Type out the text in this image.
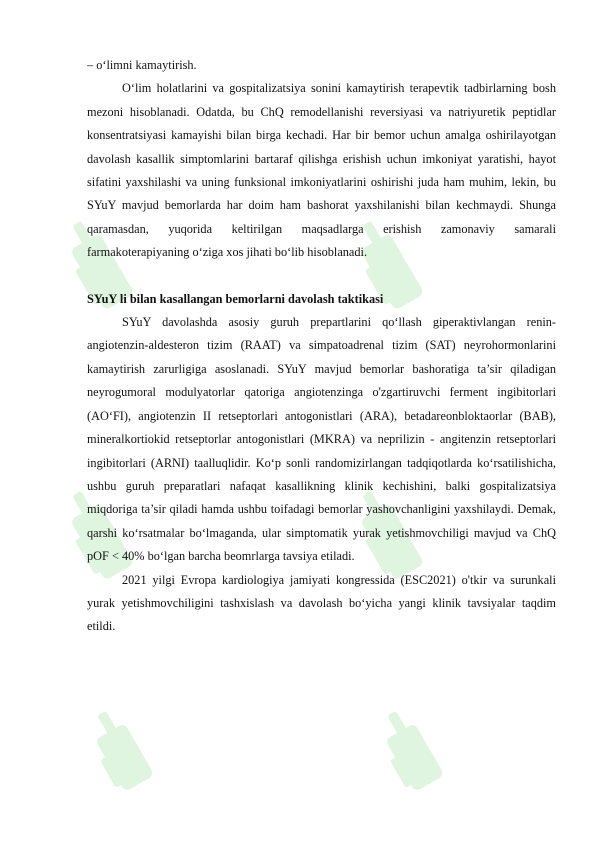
– o‘limni kamaytirish.

O‘lim holatlarini va gospitalizatsiya sonini kamaytirish terapevtik tadbirlarning bosh mezoni hisoblanadi. Odatda, bu ChQ remodellanishi reversiyasi va natriyuretik peptidlar konsentratsiyasi kamayishi bilan birga kechadi. Har bir bemor uchun amalga oshirilayotgan davolash kasallik simptomlarini bartaraf qilishga erishish uchun imkoniyat yaratishi, hayot sifatini yaxshilashi va uning funksional imkoniyatlarini oshirishi juda ham muhim, lekin, bu SYuY mavjud bemorlarda har doim ham bashorat yaxshilanishi bilan kechmaydi. Shunga qaramasdan, yuqorida keltirilgan maqsadlarga erishish zamonaviy samarali farmakoterapiyaning o‘ziga xos jihati bo‘lib hisoblanadi.

SYuY li bilan kasallangan bemorlarni davolash taktikasi

SYuY davolashda asosiy guruh prepartlarini qo‘llash giperaktivlangan renin-angiotenzin-aldesteron tizim (RAAT) va simpatoadrenal tizim (SAT) neyrohormonlarini kamaytirish zarurligiga asoslanadi. SYuY mavjud bemorlar bashoratiga ta’sir qiladigan neyrogumoral modulyatorlar qatoriga angiotenzinga o'zgartiruvchi ferment ingibitorlari (AO‘FI), angiotenzin II retseptorlari antogonistlari (ARA), betadareonbloktaorlar (BAB), mineralkortiokid retseptorlar antogonistlari (MKRA) va neprilizin - angitenzin retseptorlari ingibitorlari (ARNI) taalluqlidir. Ko‘p sonli randomizirlangan tadqiqotlarda ko‘rsatilishicha, ushbu guruh preparatlari nafaqat kasallikning klinik kechishini, balki gospitalizatsiya miqdoriga ta’sir qiladi hamda ushbu toifadagi bemorlar yashovchanligini yaxshilaydi. Demak, qarshi ko‘rsatmalar bo‘lmaganda, ular simptomatik yurak yetishmovchiligi mavjud va ChQ pOF < 40% bo‘lgan barcha beomrlarga tavsiya etiladi.

2021 yilgi Evropa kardiologiya jamiyati kongressida (ESC2021) o'tkir va surunkali yurak yetishmovchiligini tashxislash va davolash bo‘yicha yangi klinik tavsiyalar taqdim etildi.
